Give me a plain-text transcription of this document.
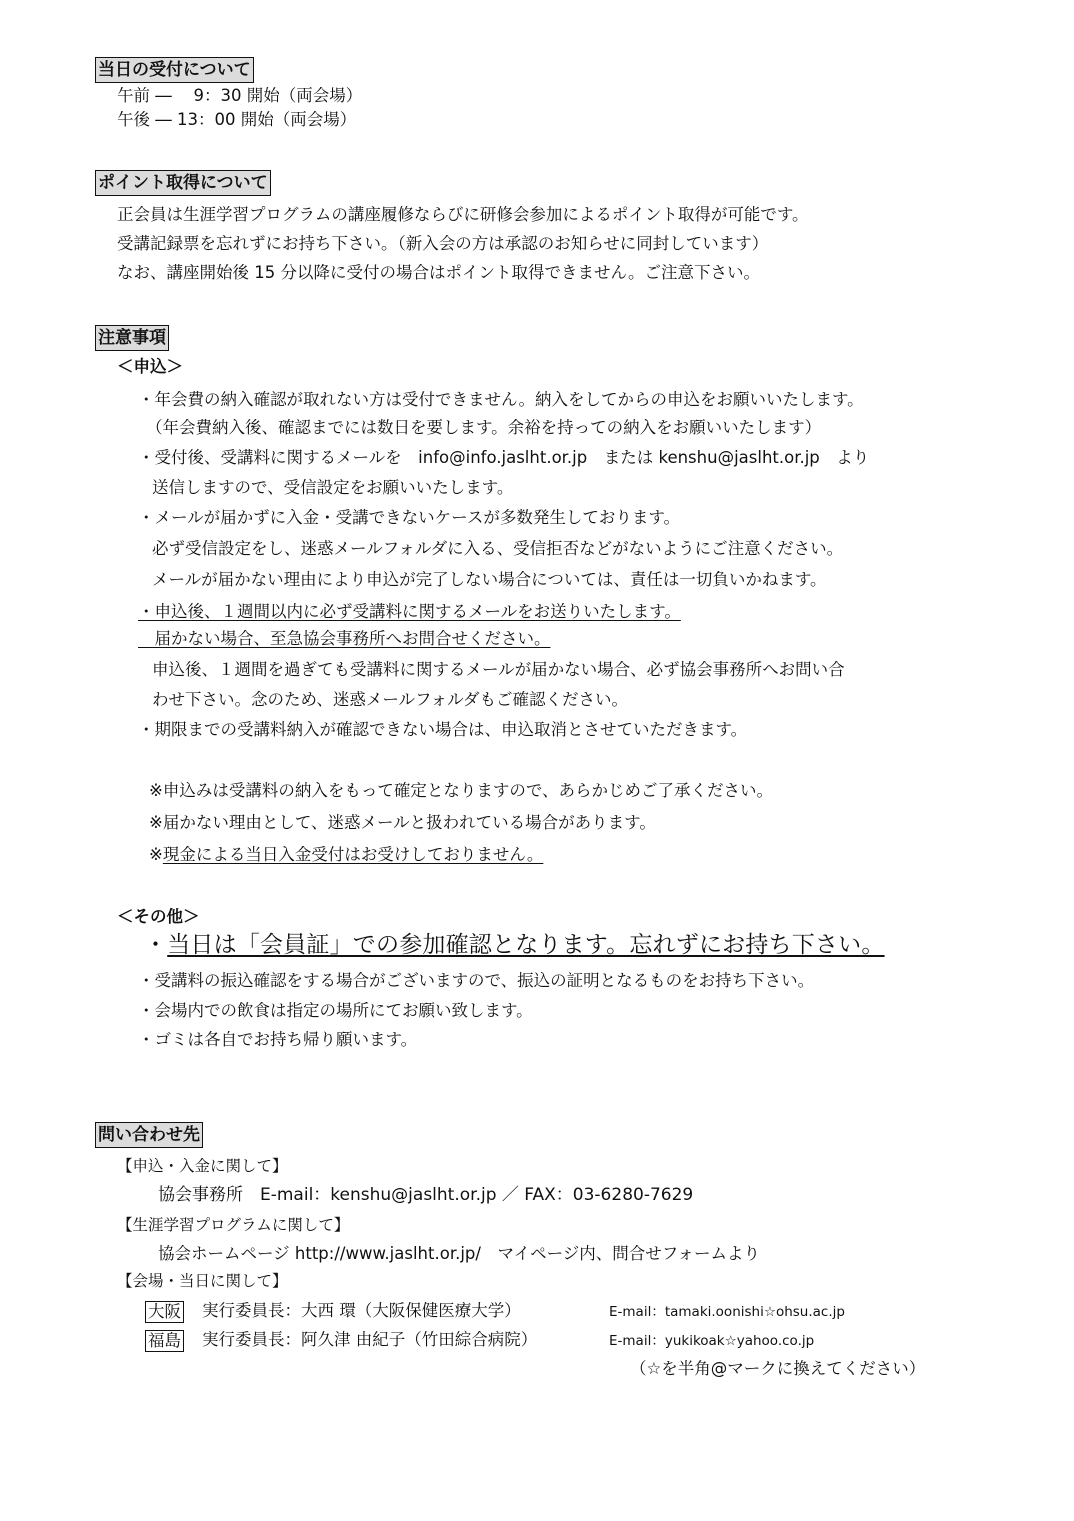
当日の受付について
午前 ― 　9：30 開始（両会場）
午後 ― 13：00 開始（両会場）
ポイント取得について
正会員は生涯学習プログラムの講座履修ならびに研修会参加によるポイント取得が可能です。
受講記録票を忘れずにお持ち下さい。（新入会の方は承認のお知らせに同封しています）
なお、講座開始後 15 分以降に受付の場合はポイント取得できません。ご注意下さい。
注意事項
＜申込＞
・年会費の納入確認が取れない方は受付できません。納入をしてからの申込をお願いいたします。
（年会費納入後、確認までには数日を要します。余裕を持っての納入をお願いいたします）
・受付後、受講料に関するメールを　info@info.jaslht.or.jp　または kenshu@jaslht.or.jp　より
送信しますので、受信設定をお願いいたします。
・メールが届かずに入金・受講できないケースが多数発生しております。
必ず受信設定をし、迷惑メールフォルダに入る、受信拒否などがないようにご注意ください。
メールが届かない理由により申込が完了しない場合については、責任は一切負いかねます。
・申込後、１週間以内に必ず受講料に関するメールをお送りいたします。
　届かない場合、至急協会事務所へお問合せください。
申込後、１週間を過ぎても受講料に関するメールが届かない場合、必ず協会事務所へお問い合
わせ下さい。念のため、迷惑メールフォルダもご確認ください。
・期限までの受講料納入が確認できない場合は、申込取消とさせていただきます。
※申込みは受講料の納入をもって確定となりますので、あらかじめご了承ください。
※届かない理由として、迷惑メールと扱われている場合があります。
※現金による当日入金受付はお受けしておりません。
＜その他＞
・当日は「会員証」での参加確認となります。忘れずにお持ち下さい。
・受講料の振込確認をする場合がございますので、振込の証明となるものをお持ち下さい。
・会場内での飲食は指定の場所にてお願い致します。
・ゴミは各自でお持ち帰り願います。
問い合わせ先
【申込・入金に関して】
協会事務所　E-mail：kenshu@jaslht.or.jp ／ FAX：03-6280-7629
【生涯学習プログラムに関して】
協会ホームページ http://www.jaslht.or.jp/　マイページ内、問合せフォームより
【会場・当日に関して】
大阪 実行委員長：大西 環（大阪保健医療大学）	E-mail：tamaki.oonishi☆ohsu.ac.jp
福島 実行委員長：阿久津 由紀子（竹田綜合病院）	E-mail：yukikoak☆yahoo.co.jp
（☆を半角@マークに換えてください）
